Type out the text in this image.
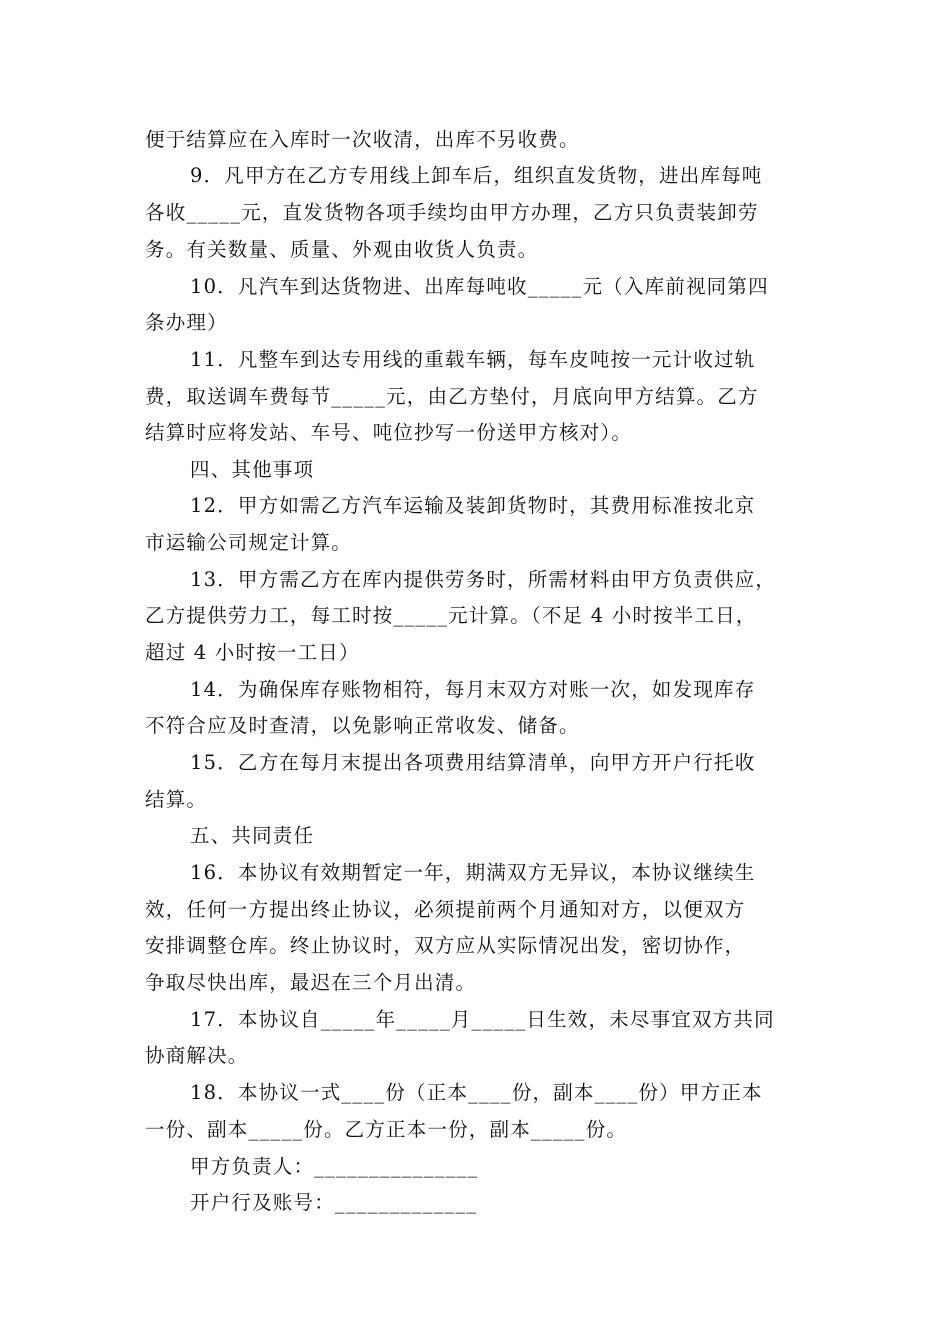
便于结算应在入库时一次收清，出库不另收费。
9．凡甲方在乙方专用线上卸车后，组织直发货物，进出库每吨
各收_____元，直发货物各项手续均由甲方办理，乙方只负责装卸劳
务。有关数量、质量、外观由收货人负责。
10．凡汽车到达货物进、出库每吨收_____元（入库前视同第四
条办理）
11．凡整车到达专用线的重载车辆，每车皮吨按一元计收过轨
费，取送调车费每节_____元，由乙方垫付，月底向甲方结算。乙方
结算时应将发站、车号、吨位抄写一份送甲方核对）。
四、其他事项
12．甲方如需乙方汽车运输及装卸货物时，其费用标准按北京
市运输公司规定计算。
13．甲方需乙方在库内提供劳务时，所需材料由甲方负责供应，
乙方提供劳力工，每工时按_____元计算。（不足 4 小时按半工日，
超过 4 小时按一工日）
14．为确保库存账物相符，每月末双方对账一次，如发现库存
不符合应及时查清，以免影响正常收发、储备。
15．乙方在每月末提出各项费用结算清单，向甲方开户行托收
结算。
五、共同责任
16．本协议有效期暂定一年，期满双方无异议，本协议继续生
效，任何一方提出终止协议，必须提前两个月通知对方，以便双方
安排调整仓库。终止协议时，双方应从实际情况出发，密切协作，
争取尽快出库，最迟在三个月出清。
17．本协议自_____年_____月_____日生效，未尽事宜双方共同
协商解决。
18．本协议一式____份（正本____份，副本____份）甲方正本
一份、副本_____份。乙方正本一份，副本_____份。
甲方负责人：_______________
开户行及账号：_____________
